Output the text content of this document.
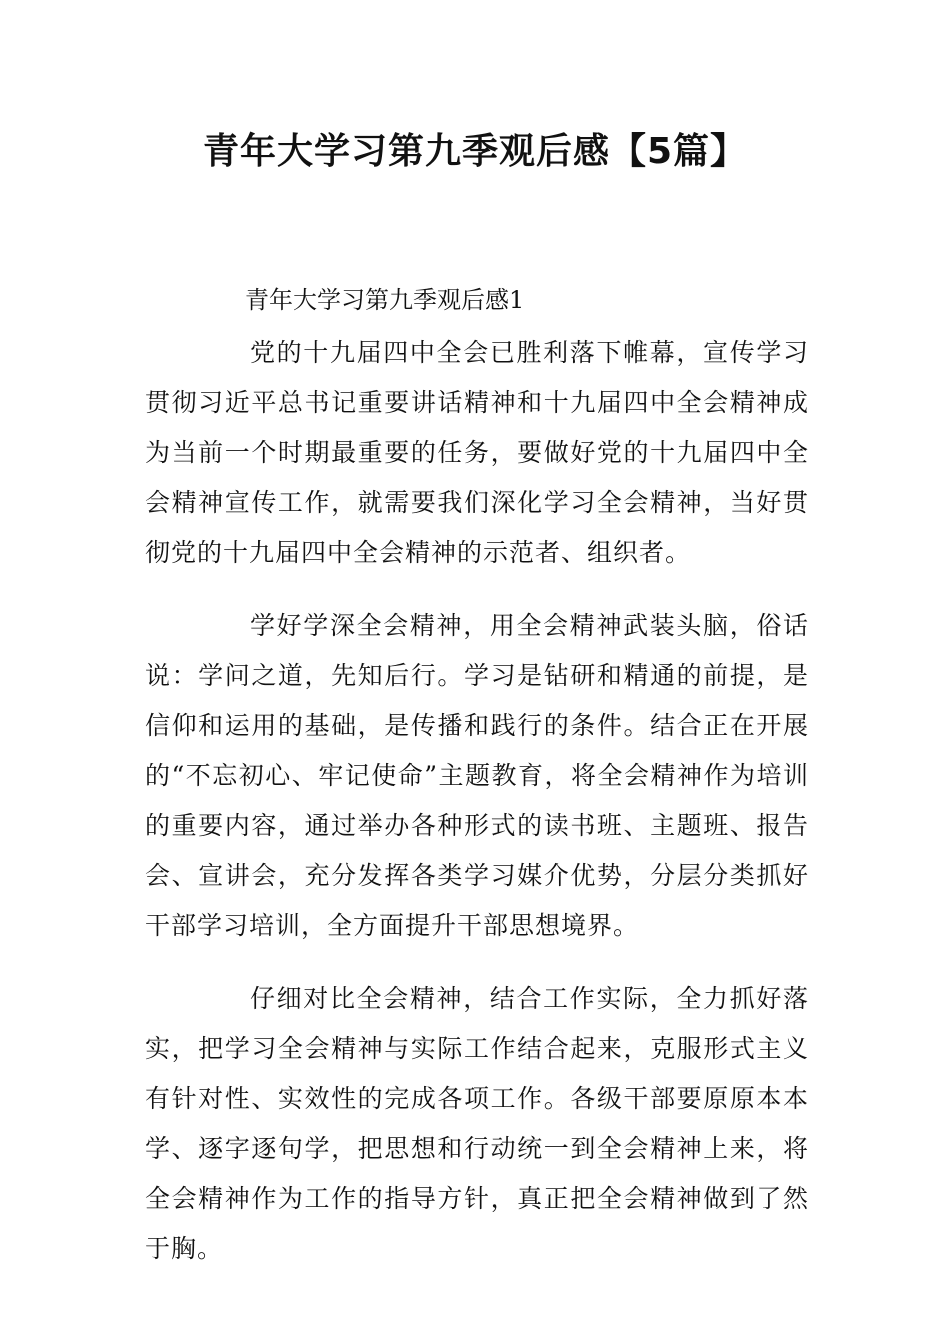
青年大学习第九季观后感【5篇】
青年大学习第九季观后感1

党的十九届四中全会已胜利落下帷幕，宣传学习贯彻习近平总书记重要讲话精神和十九届四中全会精神成为当前一个时期最重要的任务，要做好党的十九届四中全会精神宣传工作，就需要我们深化学习全会精神，当好贯彻党的十九届四中全会精神的示范者、组织者。

学好学深全会精神，用全会精神武装头脑，俗话说：学问之道，先知后行。学习是钻研和精通的前提，是信仰和运用的基础，是传播和践行的条件。结合正在开展的“不忘初心、牢记使命”主题教育，将全会精神作为培训的重要内容，通过举办各种形式的读书班、主题班、报告会、宣讲会，充分发挥各类学习媒介优势，分层分类抓好干部学习培训，全方面提升干部思想境界。

仔细对比全会精神，结合工作实际，全力抓好落实，把学习全会精神与实际工作结合起来，克服形式主义有针对性、实效性的完成各项工作。各级干部要原原本本学、逐字逐句学，把思想和行动统一到全会精神上来，将全会精神作为工作的指导方针，真正把全会精神做到了然于胸。
